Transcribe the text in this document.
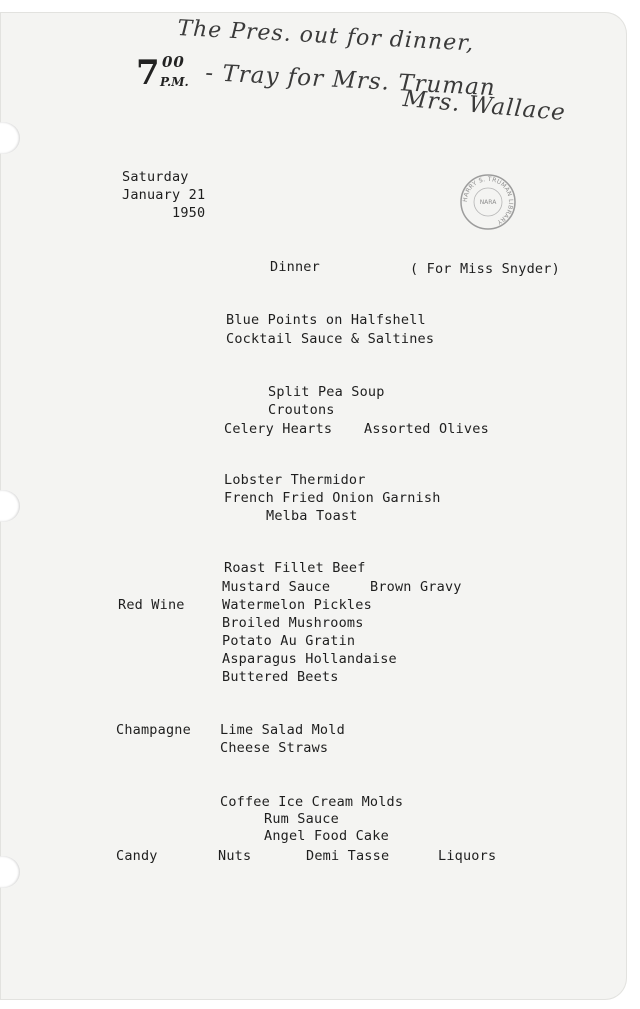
The Pres. out for dinner,
7 00
P.M. - Tray for Mrs. Truman
Mrs. Wallace
Saturday
January 21
1950
HARRY S. TRUMAN LIBRARY
NARA
Dinner	( For Miss Snyder)
Blue Points on Halfshell
Cocktail Sauce & Saltines
Split Pea Soup
Croutons
Celery Hearts Assorted Olives
Lobster Thermidor
French Fried Onion Garnish
Melba Toast
Roast Fillet Beef
Mustard Sauce	Brown Gravy
Red Wine	Watermelon Pickles
Broiled Mushrooms
Potato Au Gratin
Asparagus Hollandaise
Buttered Beets
Champagne Lime Salad Mold
Cheese Straws
Coffee Ice Cream Molds
Rum Sauce
Angel Food Cake
Candy	Nuts	Demi Tasse	Liquors
